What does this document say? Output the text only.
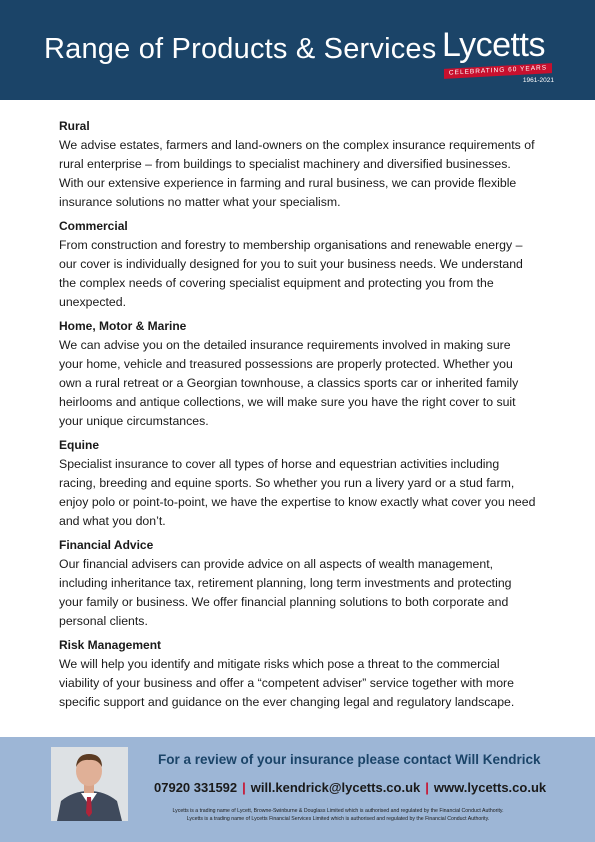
Range of Products & Services Lycetts
CELEBRATING 60 YEARS
1961-2021

Rural

We advise estates, farmers and land-owners on the complex insurance requirements of rural enterprise – from buildings to specialist machinery and diversified businesses. With our extensive experience in farming and rural business, we can provide flexible insurance solutions no matter what your specialism.

Commercial

From construction and forestry to membership organisations and renewable energy – our cover is individually designed for you to suit your business needs. We understand the complex needs of covering specialist equipment and protecting you from the unexpected.

Home, Motor & Marine

We can advise you on the detailed insurance requirements involved in making sure your home, vehicle and treasured possessions are properly protected. Whether you own a rural retreat or a Georgian townhouse, a classics sports car or inherited family heirlooms and antique collections, we will make sure you have the right cover to suit your unique circumstances.

Equine

Specialist insurance to cover all types of horse and equestrian activities including racing, breeding and equine sports. So whether you run a livery yard or a stud farm, enjoy polo or point-to-point, we have the expertise to know exactly what cover you need and what you don’t.

Financial Advice

Our financial advisers can provide advice on all aspects of wealth management, including inheritance tax, retirement planning, long term investments and protecting your family or business. We offer financial planning solutions to both corporate and personal clients.

Risk Management

We will help you identify and mitigate risks which pose a threat to the commercial viability of your business and offer a “competent adviser” service together with more specific support and guidance on the ever changing legal and regulatory landscape.

For a review of your insurance please contact Will Kendrick
07920 331592 | will.kendrick@lycetts.co.uk | www.lycetts.co.uk
Lycetts is a trading name of Lycett, Browne-Swinburne & Douglass Limited which is authorised and regulated by the Financial Conduct Authority.
Lycetts is a trading name of Lycetts Financial Services Limited which is authorised and regulated by the Financial Conduct Authority.
